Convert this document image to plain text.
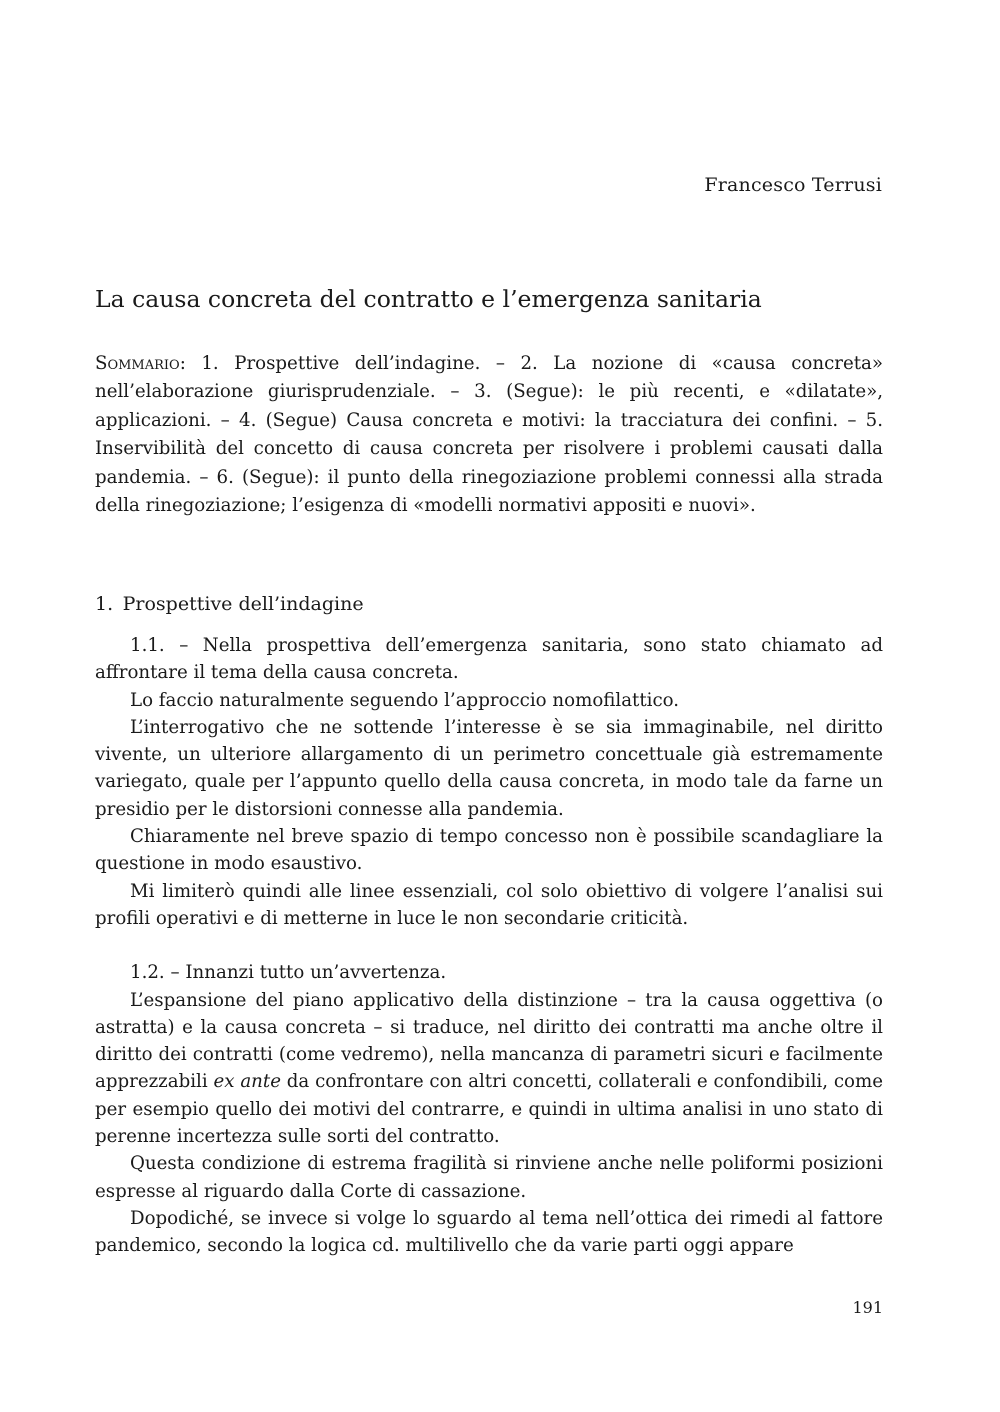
Francesco Terrusi
La causa concreta del contratto e l’emergenza sanitaria

Sommario: 1. Prospettive dell’indagine. – 2. La nozione di «causa concreta» nell’elaborazione giurisprudenziale. – 3. (Segue): le più recenti, e «dilatate», applicazioni. – 4. (Segue) Causa concreta e motivi: la tracciatura dei confini. – 5. Inservibilità del concetto di causa concreta per risolvere i problemi causati dalla pandemia. – 6. (Segue): il punto della rinegoziazione problemi connessi alla strada della rinegoziazione; l’esigenza di «modelli normativi appositi e nuovi».

1. Prospettive dell’indagine

1.1. – Nella prospettiva dell’emergenza sanitaria, sono stato chiamato ad affrontare il tema della causa concreta.

Lo faccio naturalmente seguendo l’approccio nomofilattico.

L’interrogativo che ne sottende l’interesse è se sia immaginabile, nel diritto vivente, un ulteriore allargamento di un perimetro concettuale già estremamente variegato, quale per l’appunto quello della causa concreta, in modo tale da farne un presidio per le distorsioni connesse alla pandemia.

Chiaramente nel breve spazio di tempo concesso non è possibile scandagliare la questione in modo esaustivo.

Mi limiterò quindi alle linee essenziali, col solo obiettivo di volgere l’analisi sui profili operativi e di metterne in luce le non secondarie criticità.

1.2. – Innanzi tutto un’avvertenza.

L’espansione del piano applicativo della distinzione – tra la causa oggettiva (o astratta) e la causa concreta – si traduce, nel diritto dei contratti ma anche oltre il diritto dei contratti (come vedremo), nella mancanza di parametri sicuri e facilmente apprezzabili ex ante da confrontare con altri concetti, collaterali e confondibili, come per esempio quello dei motivi del contrarre, e quindi in ultima analisi in uno stato di perenne incertezza sulle sorti del contratto.

Questa condizione di estrema fragilità si rinviene anche nelle poliformi posizioni espresse al riguardo dalla Corte di cassazione.

Dopodiché, se invece si volge lo sguardo al tema nell’ottica dei rimedi al fattore pandemico, secondo la logica cd. multilivello che da varie parti oggi appare

191
